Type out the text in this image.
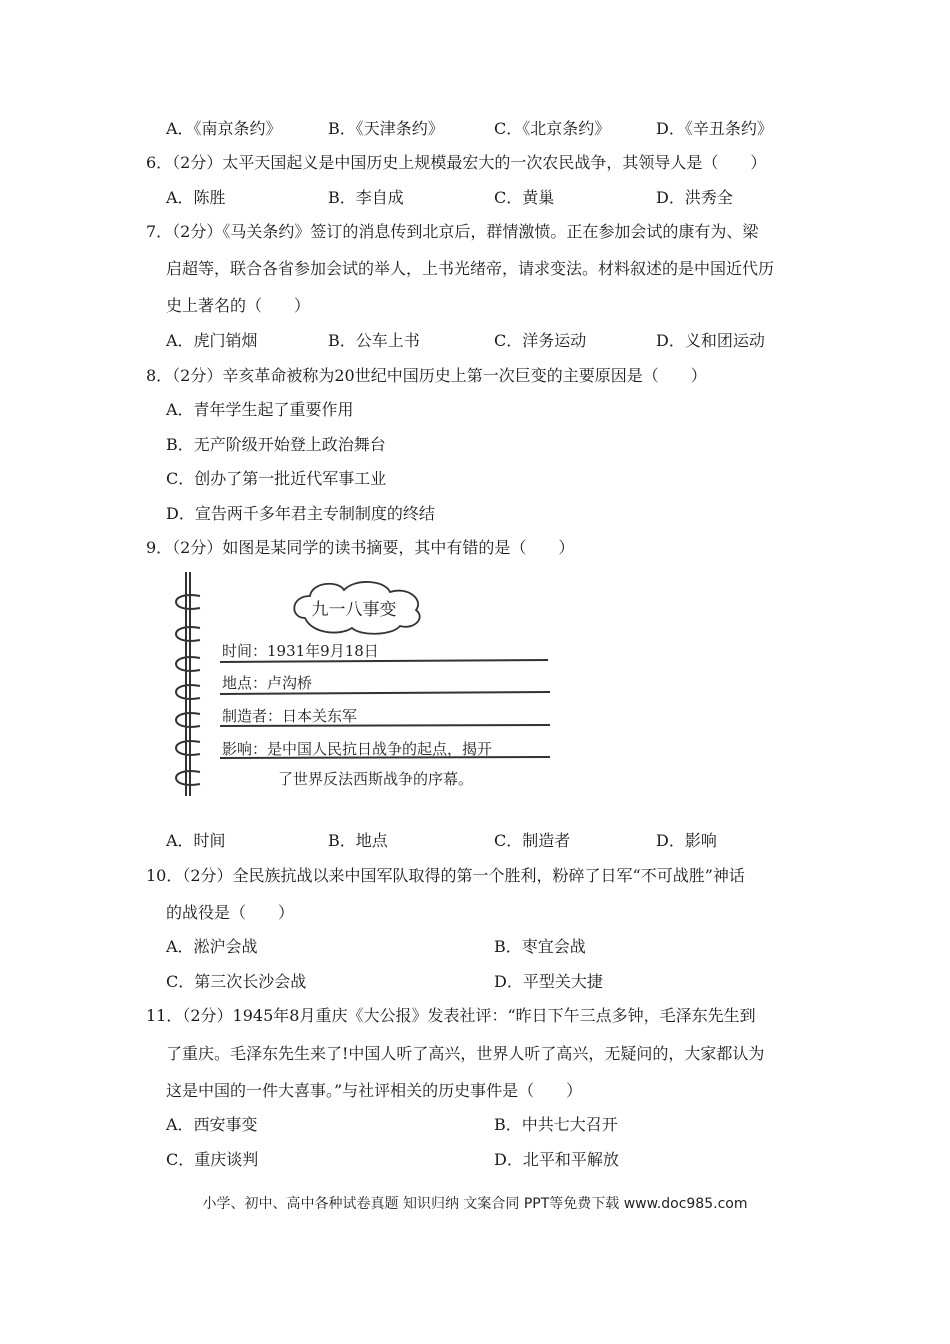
A．《南京条约》	B．《天津条约》	C．《北京条约》	D．《辛丑条约》
6．（2分）太平天国起义是中国历史上规模最宏大的一次农民战争，其领导人是（　　）
A．陈胜	B．李自成	C．黄巢	D．洪秀全
7．（2分）《马关条约》签订的消息传到北京后，群情激愤。正在参加会试的康有为、梁
启超等，联合各省参加会试的举人，上书光绪帝，请求变法。材料叙述的是中国近代历
史上著名的（　　）
A．虎门销烟	B．公车上书	C．洋务运动	D．义和团运动
8．（2分）辛亥革命被称为20世纪中国历史上第一次巨变的主要原因是（　　）
A．青年学生起了重要作用
B．无产阶级开始登上政治舞台
C．创办了第一批近代军事工业
D．宣告两千多年君主专制制度的终结
9．（2分）如图是某同学的读书摘要，其中有错的是（　　）
九一八事变
时间：1931年9月18日
地点：卢沟桥
制造者：日本关东军
影响：是中国人民抗日战争的起点，揭开
了世界反法西斯战争的序幕。
A．时间	B．地点	C．制造者	D．影响
10．（2分）全民族抗战以来中国军队取得的第一个胜利，粉碎了日军“不可战胜”神话
的战役是（　　）
A．淞沪会战	B．枣宜会战
C．第三次长沙会战	D．平型关大捷
11．（2分）1945年8月重庆《大公报》发表社评：“昨日下午三点多钟，毛泽东先生到
了重庆。毛泽东先生来了!中国人听了高兴，世界人听了高兴，无疑问的，大家都认为
这是中国的一件大喜事。”与社评相关的历史事件是（　　）
A．西安事变	B．中共七大召开
C．重庆谈判	D．北平和平解放
小学、初中、高中各种试卷真题 知识归纳 文案合同 PPT等免费下载 www.doc985.com
